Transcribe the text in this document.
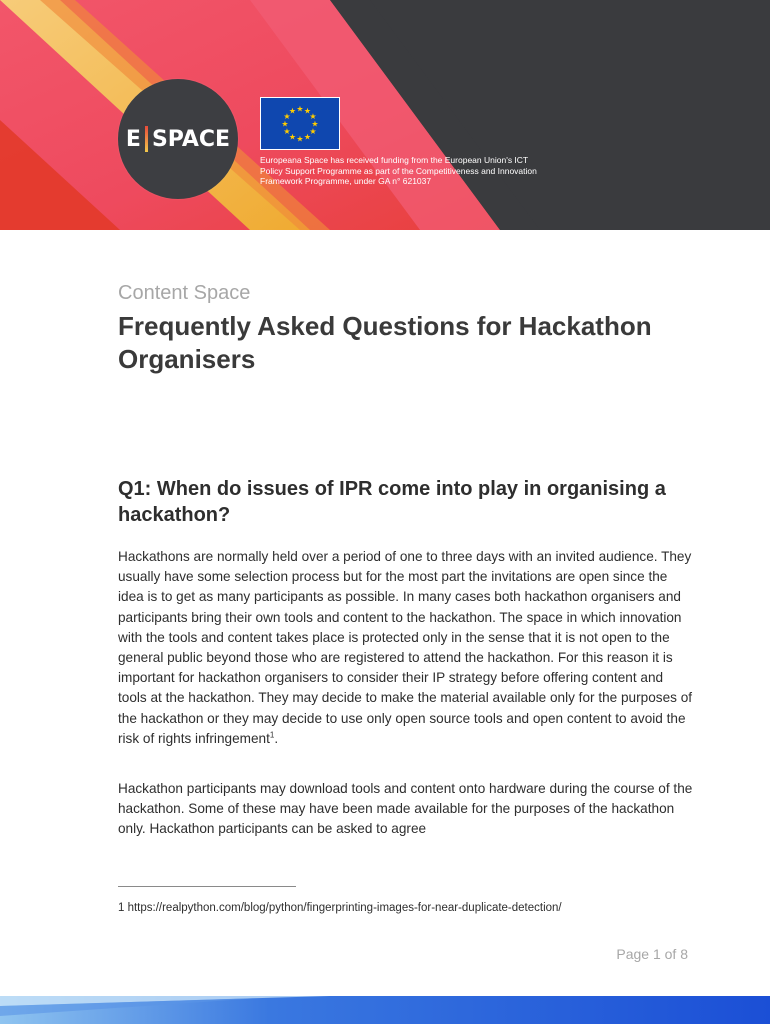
E SPACE
★ ★
★
★
★
★
★
★
★
★
★
★
Europeana Space has received funding from the European Union's ICT Policy Support Programme as part of the Competitiveness and Innovation Framework Programme, under GA n° 621037
Content Space
Frequently Asked Questions for Hackathon Organisers
Q1: When do issues of IPR come into play in organising a hackathon?

Hackathons are normally held over a period of one to three days with an invited audience. They usually have some selection process but for the most part the invitations are open since the idea is to get as many participants as possible. In many cases both hackathon organisers and participants bring their own tools and content to the hackathon. The space in which innovation with the tools and content takes place is protected only in the sense that it is not open to the general public beyond those who are registered to attend the hackathon. For this reason it is important for hackathon organisers to consider their IP strategy before offering content and tools at the hackathon. They may decide to make the material available only for the purposes of the hackathon or they may decide to use only open source tools and open content to avoid the risk of rights infringement$^1$.

Hackathon participants may download tools and content onto hardware during the course of the hackathon. Some of these may have been made available for the purposes of the hackathon only. Hackathon participants can be asked to agree

1 https://realpython.com/blog/python/fingerprinting-images-for-near-duplicate-detection/
Page 1 of 8
